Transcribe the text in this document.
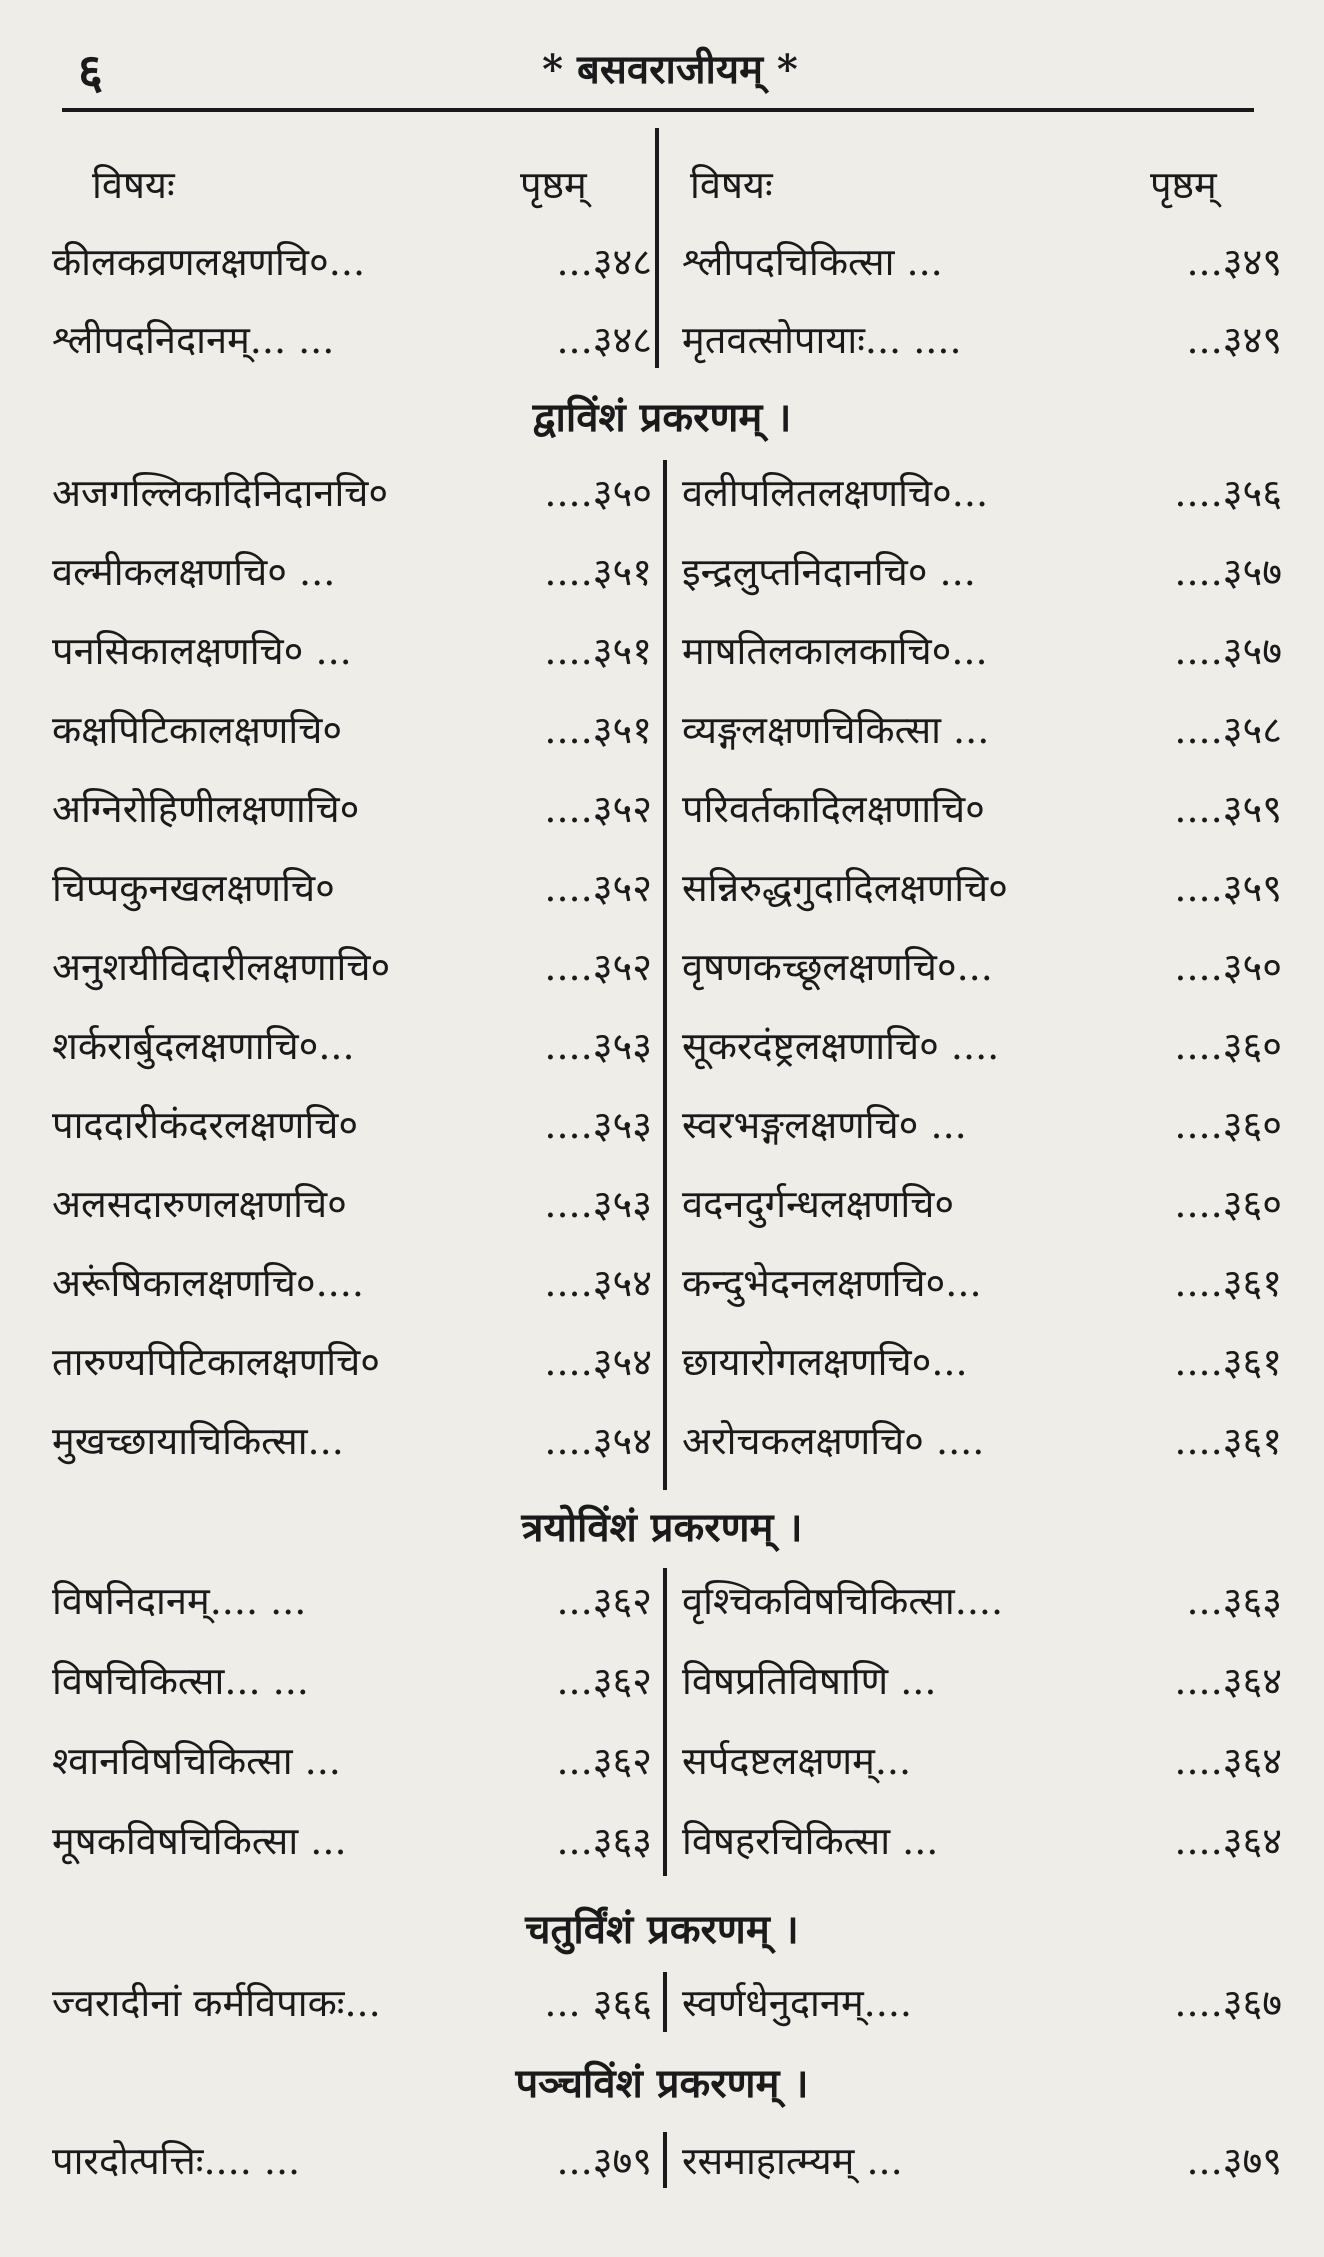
६	* बसवराजीयम् *
विषयः	पृष्ठम्	विषयः	पृष्ठम्
कीलकव्रणलक्षणचि०...	...३४८ श्लीपदचिकित्सा ...	...३४९
श्लीपदनिदानम्... ...	...३४८ मृतवत्सोपायाः... ....	...३४९
द्वाविंशं प्रकरणम् ।
अजगल्लिकादिनिदानचि०	....३५० वलीपलितलक्षणचि०...	....३५६
वल्मीकलक्षणचि० ...	....३५१ इन्द्रलुप्तनिदानचि० ...	....३५७
पनसिकालक्षणचि० ...	....३५१ माषतिलकालकाचि०...	....३५७
कक्षपिटिकालक्षणचि०	....३५१ व्यङ्गलक्षणचिकित्सा ...	....३५८
अग्निरोहिणीलक्षणाचि०	....३५२ परिवर्तकादिलक्षणाचि०	....३५९
चिप्पकुनखलक्षणचि०	....३५२ सन्निरुद्धगुदादिलक्षणचि०	....३५९
अनुशयीविदारीलक्षणाचि०	....३५२ वृषणकच्छूलक्षणचि०...	....३५०
शर्करार्बुदलक्षणाचि०...	....३५३ सूकरदंष्ट्रलक्षणाचि० ....	....३६०
पाददारीकंदरलक्षणचि०	....३५३ स्वरभङ्गलक्षणचि० ...	....३६०
अलसदारुणलक्षणचि०	....३५३ वदनदुर्गन्धलक्षणचि०	....३६०
अरूंषिकालक्षणचि०....	....३५४ कन्दुभेदनलक्षणचि०...	....३६१
तारुण्यपिटिकालक्षणचि०	....३५४ छायारोगलक्षणचि०...	....३६१
मुखच्छायाचिकित्सा...	....३५४ अरोचकलक्षणचि० ....	....३६१
त्रयोविंशं प्रकरणम् ।
विषनिदानम्.... ...	...३६२ वृश्चिकविषचिकित्सा....	...३६३
विषचिकित्सा... ...	...३६२ विषप्रतिविषाणि ...	....३६४
श्वानविषचिकित्सा ...	...३६२ सर्पदष्टलक्षणम्...	....३६४
मूषकविषचिकित्सा ...	...३६३ विषहरचिकित्सा ...	....३६४
चतुर्विंशं प्रकरणम् ।
ज्वरादीनां कर्मविपाकः...	... ३६६ स्वर्णधेनुदानम्....	....३६७
पञ्चविंशं प्रकरणम् ।
पारदोत्पत्तिः.... ...	...३७९ रसमाहात्म्यम् ...	...३७९
